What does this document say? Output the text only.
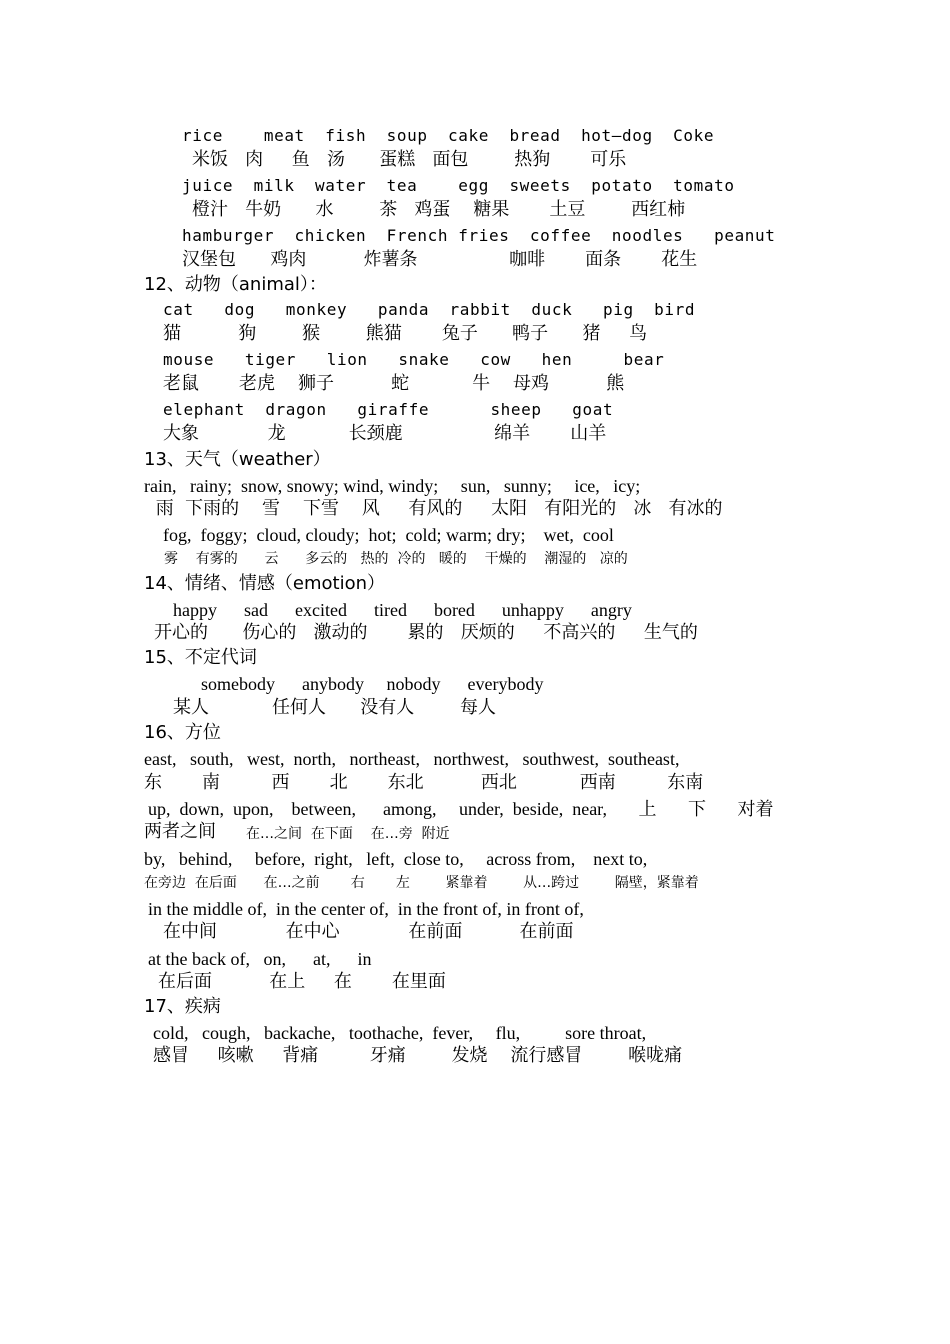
rice    meat  fish  soup  cake  bread  hot—dog  Coke
米饭   肉     鱼   汤      蛋糕   面包        热狗       可乐
juice  milk  water  tea    egg  sweets  potato  tomato
橙汁   牛奶      水        茶   鸡蛋    糖果       土豆        西红柿
hamburger  chicken  French fries  coffee  noodles   peanut
汉堡包      鸡肉          炸薯条                咖啡       面条       花生
12、动物（animal）：
cat   dog   monkey   panda  rabbit  duck   pig  bird
猫          狗        猴        熊猫       兔子      鸭子      猪     鸟
mouse   tiger   lion   snake   cow   hen     bear
老鼠       老虎    狮子          蛇           牛    母鸡          熊
elephant  dragon   giraffe      sheep   goat
大象            龙           长颈鹿                绵羊       山羊
13、天气（weather）
rain,   rainy;  snow, snowy; wind, windy;     sun,   sunny;     ice,   icy;
雨  下雨的    雪    下雪    风     有风的     太阳   有阳光的   冰   有冰的
fog,  foggy;  cloud, cloudy;  hot;  cold; warm; dry;    wet,  cool
雾    有雾的      云      多云的   热的  冷的   暖的    干燥的    潮湿的   凉的
14、情绪、情感（emotion）
happy      sad      excited      tired      bored      unhappy      angry
开心的      伤心的   激动的       累的   厌烦的     不高兴的     生气的
15、不定代词
somebody      anybody     nobody      everybody
某人           任何人      没有人        每人
16、方位
east,   south,   west,  north,   northeast,   northwest,   southwest,  southeast,
东       南         西       北       东北          西北           西南         东南
up,  down,  upon,    between,      among,     under,  beside,  near,       上       下       对着
两者之间 在…之间  在下面    在…旁  附近
by,   behind,     before,  right,   left,  close to,     across from,    next to,
在旁边  在后面      在…之前       右       左        紧靠着        从…跨过        隔壁，紧靠着
in the middle of,  in the center of,  in the front of, in front of,
在中间            在中心            在前面          在前面
at the back of,   on,      at,      in
在后面          在上     在       在里面
17、疾病
cold,   cough,   backache,   toothache,  fever,     flu,          sore throat,
感冒     咳嗽     背痛         牙痛        发烧    流行感冒        喉咙痛
